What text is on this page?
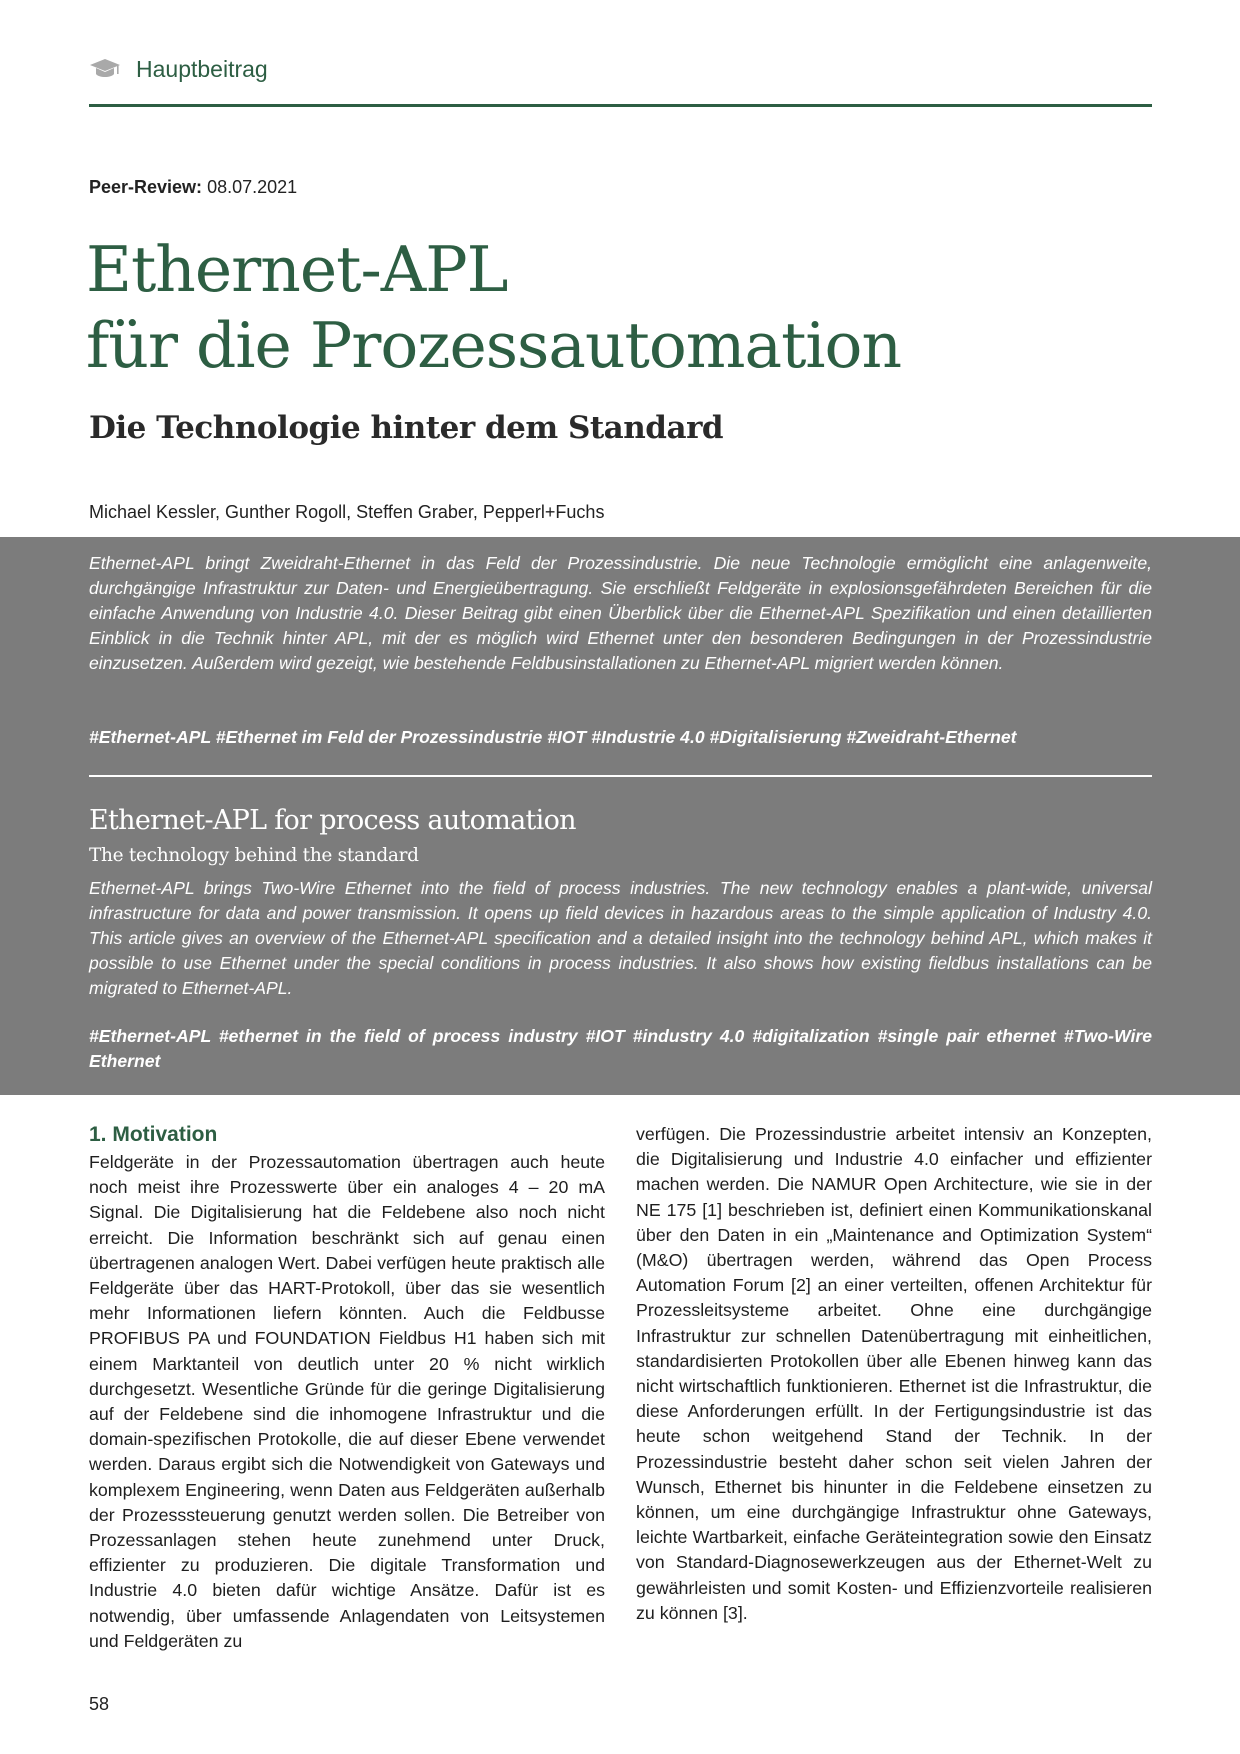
Hauptbeitrag
Peer-Review: 08.07.2021
Ethernet-APL
für die Prozessautomation
Die Technologie hinter dem Standard
Michael Kessler, Gunther Rogoll, Steffen Graber, Pepperl+Fuchs

Ethernet-APL bringt Zweidraht-Ethernet in das Feld der Prozessindustrie. Die neue Technologie ermöglicht eine anlagenweite, durchgängige Infrastruktur zur Daten- und Energieübertragung. Sie erschließt Feldgeräte in explosionsgefährdeten Bereichen für die einfache Anwendung von Industrie 4.0. Dieser Beitrag gibt einen Überblick über die Ethernet-APL Spezifikation und einen detaillierten Einblick in die Technik hinter APL, mit der es möglich wird Ethernet unter den besonderen Bedingungen in der Prozessindustrie einzusetzen. Außerdem wird gezeigt, wie bestehende Feldbusinstallationen zu Ethernet-APL migriert werden können.

#Ethernet-APL #Ethernet im Feld der Prozessindustrie #IOT #Industrie 4.0 #Digitalisierung #Zweidraht-Ethernet

Ethernet-APL for process automation
The technology behind the standard

Ethernet-APL brings Two-Wire Ethernet into the field of process industries. The new technology enables a plant-wide, universal infrastructure for data and power transmission. It opens up field devices in hazardous areas to the simple application of Industry 4.0. This article gives an overview of the Ethernet-APL specification and a detailed insight into the technology behind APL, which makes it possible to use Ethernet under the special conditions in process industries. It also shows how existing fieldbus installations can be migrated to Ethernet-APL.

#Ethernet-APL #ethernet in the field of process industry #IOT #industry 4.0 #digitalization #single pair ethernet #Two-Wire Ethernet

1. Motivation

Feldgeräte in der Prozessautomation übertragen auch heute noch meist ihre Prozesswerte über ein analoges 4 – 20 mA Signal. Die Digitalisierung hat die Feldebene also noch nicht erreicht. Die Information beschränkt sich auf genau einen übertragenen analogen Wert. Dabei verfügen heute praktisch alle Feldgeräte über das HART-Protokoll, über das sie wesentlich mehr Informationen liefern könnten. Auch die Feldbusse PROFIBUS PA und FOUNDATION Fieldbus H1 haben sich mit einem Marktanteil von deutlich unter 20 % nicht wirklich durchgesetzt. Wesentliche Gründe für die geringe Digitalisierung auf der Feldebene sind die inhomogene Infrastruktur und die domain-spezifischen Protokolle, die auf dieser Ebene verwendet werden. Daraus ergibt sich die Notwendigkeit von Gateways und komplexem Engineering, wenn Daten aus Feldgeräten außerhalb der Prozesssteuerung genutzt werden sollen. Die Betreiber von Prozessanlagen stehen heute zunehmend unter Druck, effizienter zu produzieren. Die digitale Transformation und Industrie 4.0 bieten dafür wichtige Ansätze. Dafür ist es notwendig, über umfassende Anlagendaten von Leitsystemen und Feldgeräten zu

verfügen. Die Prozessindustrie arbeitet intensiv an Konzepten, die Digitalisierung und Industrie 4.0 einfacher und effizienter machen werden. Die NAMUR Open Architecture, wie sie in der NE 175 [1] beschrieben ist, definiert einen Kommunikationskanal über den Daten in ein „Maintenance and Optimization System“ (M&O) übertragen werden, während das Open Process Automation Forum [2] an einer verteilten, offenen Architektur für Prozessleitsysteme arbeitet. Ohne eine durchgängige Infrastruktur zur schnellen Datenübertragung mit einheitlichen, standardisierten Protokollen über alle Ebenen hinweg kann das nicht wirtschaftlich funktionieren. Ethernet ist die Infrastruktur, die diese Anforderungen erfüllt. In der Fertigungsindustrie ist das heute schon weitgehend Stand der Technik. In der Prozessindustrie besteht daher schon seit vielen Jahren der Wunsch, Ethernet bis hinunter in die Feldebene einsetzen zu können, um eine durchgängige Infrastruktur ohne Gateways, leichte Wartbarkeit, einfache Geräteintegration sowie den Einsatz von Standard-Diagnosewerkzeugen aus der Ethernet-Welt zu gewährleisten und somit Kosten- und Effizienzvorteile realisieren zu können [3].

58
